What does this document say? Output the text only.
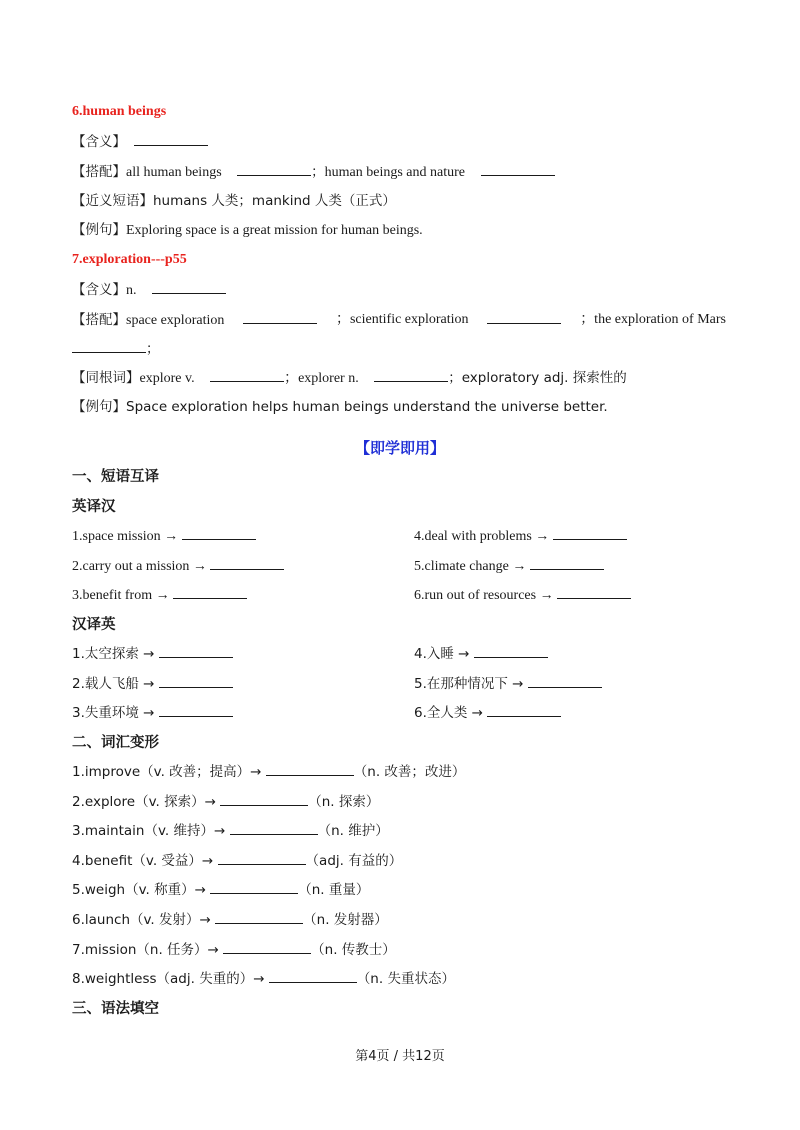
6.human beings
【含义】
【搭配】all human beings	；human beings and nature
【近义短语】humans 人类；mankind 人类（正式）
【例句】Exploring space is a great mission for human beings.
7.exploration---p55
【含义】n.
【搭配】space exploration	；scientific exploration	；the exploration of Mars
；
【同根词】explore v.	；explorer n.	；exploratory adj. 探索性的
【例句】Space exploration helps human beings understand the universe better.
【即学即用】
一、短语互译
英译汉
1.space mission →	4.deal with problems →
2.carry out a mission →	5.climate change →
3.benefit from →	6.run out of resources →
汉译英
1.太空探索 →	4.入睡 →
2.载人飞船 →	5.在那种情况下 →
3.失重环境 →	6.全人类 →
二、词汇变形
1.improve（v. 改善；提高）→	（n. 改善；改进）
2.explore（v. 探索）→	（n. 探索）
3.maintain（v. 维持）→	（n. 维护）
4.benefit（v. 受益）→	（adj. 有益的）
5.weigh（v. 称重）→	（n. 重量）
6.launch（v. 发射）→	（n. 发射器）
7.mission（n. 任务）→	（n. 传教士）
8.weightless（adj. 失重的）→	（n. 失重状态）
三、语法填空
第4页 / 共12页
